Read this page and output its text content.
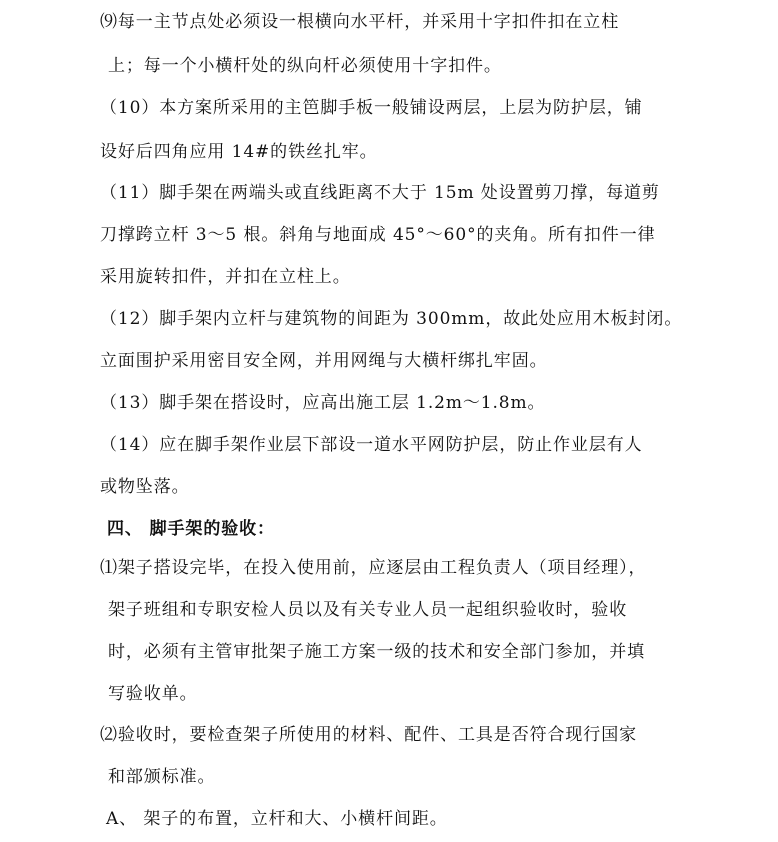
⑼每一主节点处必须设一根横向水平杆，并采用十字扣件扣在立柱
上；每一个小横杆处的纵向杆必须使用十字扣件。
（10）本方案所采用的主笆脚手板一般铺设两层，上层为防护层，铺
设好后四角应用 14#的铁丝扎牢。
（11）脚手架在两端头或直线距离不大于 15m 处设置剪刀撑，每道剪
刀撑跨立杆 3～5 根。斜角与地面成 45°～60°的夹角。所有扣件一律
采用旋转扣件，并扣在立柱上。
（12）脚手架内立杆与建筑物的间距为 300mm，故此处应用木板封闭。
立面围护采用密目安全网，并用网绳与大横杆绑扎牢固。
（13）脚手架在搭设时，应高出施工层 1.2m～1.8m。
（14）应在脚手架作业层下部设一道水平网防护层，防止作业层有人
或物坠落。
四、 脚手架的验收：
⑴架子搭设完毕，在投入使用前，应逐层由工程负责人（项目经理），
架子班组和专职安检人员以及有关专业人员一起组织验收时，验收
时，必须有主管审批架子施工方案一级的技术和安全部门参加，并填
写验收单。
⑵验收时，要检查架子所使用的材料、配件、工具是否符合现行国家
和部颁标准。
A、 架子的布置，立杆和大、小横杆间距。
